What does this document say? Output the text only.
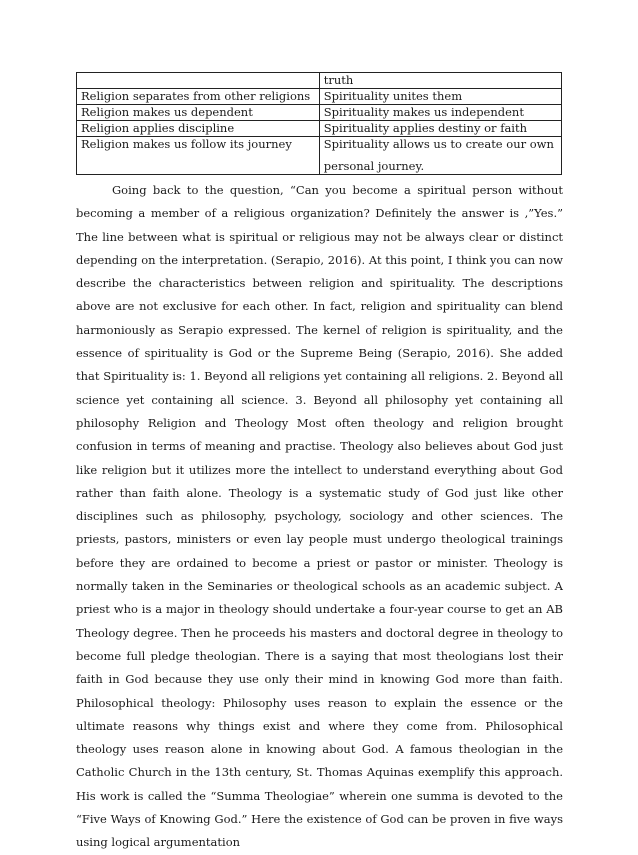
	truth
Religion separates from other religions	Spirituality unites them
Religion makes us dependent	Spirituality makes us independent
Religion applies discipline	Spirituality applies destiny or faith
Religion makes us follow its journey	Spirituality allows us to create our own
personal journey.

Going back to the question, “Can you become a spiritual person without becoming a member of a religious organization? Definitely the answer is ,”Yes.” The line between what is spiritual or religious may not be always clear or distinct depending on the interpretation. (Serapio, 2016). At this point, I think you can now describe the characteristics between religion and spirituality. The descriptions above are not exclusive for each other. In fact, religion and spirituality can blend harmoniously as Serapio expressed. The kernel of religion is spirituality, and the essence of spirituality is God or the Supreme Being (Serapio, 2016). She added that Spirituality is: 1. Beyond all religions yet containing all religions. 2. Beyond all science yet containing all science. 3. Beyond all philosophy yet containing all philosophy Religion and Theology Most often theology and religion brought confusion in terms of meaning and practise. Theology also believes about God just like religion but it utilizes more the intellect to understand everything about God rather than faith alone. Theology is a systematic study of God just like other disciplines such as philosophy, psychology, sociology and other sciences. The priests, pastors, ministers or even lay people must undergo theological trainings before they are ordained to become a priest or pastor or minister. Theology is normally taken in the Seminaries or theological schools as an academic subject. A priest who is a major in theology should undertake a four-year course to get an AB Theology degree. Then he proceeds his masters and doctoral degree in theology to become full pledge theologian. There is a saying that most theologians lost their faith in God because they use only their mind in knowing God more than faith. Philosophical theology: Philosophy uses reason to explain the essence or the ultimate reasons why things exist and where they come from. Philosophical theology uses reason alone in knowing about God. A famous theologian in the Catholic Church in the 13th century, St. Thomas Aquinas exemplify this approach. His work is called the “Summa Theologiae” wherein one summa is devoted to the “Five Ways of Knowing God.” Here the existence of God can be proven in five ways using logical argumentation
